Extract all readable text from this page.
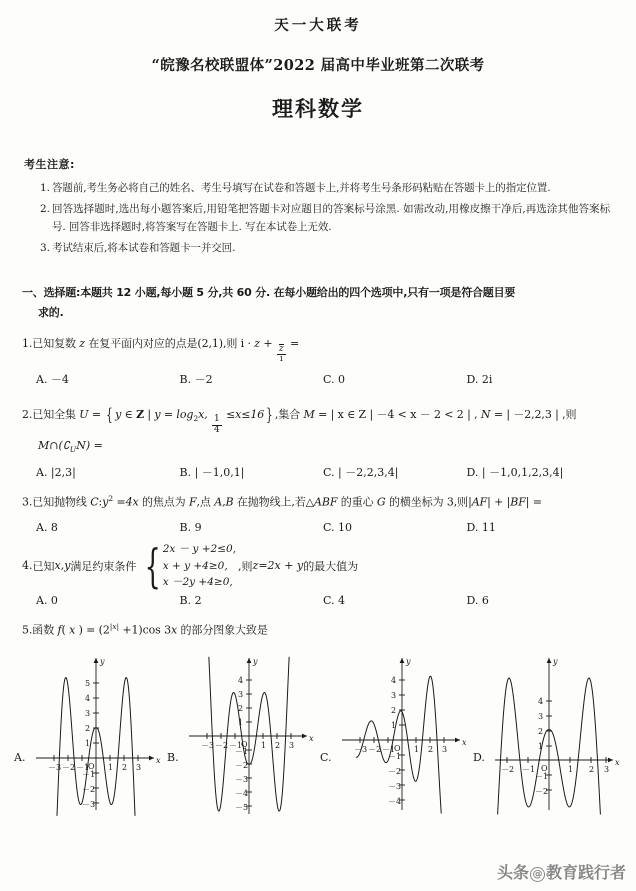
天一大联考
“皖豫名校联盟体”2022 届高中毕业班第二次联考
理科数学
考生注意:
1. 答题前,考生务必将自己的姓名、考生号填写在试卷和答题卡上,并将考生号条形码粘贴在答题卡上的指定位置.
2. 回答选择题时,选出每小题答案后,用铅笔把答题卡对应题目的答案标号涂黑. 如需改动,用橡皮擦干净后,再选涂其他答案标号. 回答非选择题时,将答案写在答题卡上. 写在本试卷上无效.
3. 考试结束后,将本试卷和答题卡一并交回.
一、选择题:本题共 12 小题,每小题 5 分,共 60 分. 在每小题给出的四个选项中,只有一项是符合题目要
求的.
1.已知复数 z 在复平面内对应的点是(2,1),则 i · z +
$\frac{z}{i}$
=
A. －4	B. －2	C. 0	D. 2i
2.已知全集 U = { y ∈ Z | $y = \log_2x$,
$\frac{1}{4}$
≤x≤16 } ,集合 M = | x ∈ Z | －4 < x － 2 < 2 | , N = | －2,2,3 | ,则
$M\cap(∁_UN)$ =
A. |2,3|	B. | －1,0,1|	C. | －2,2,3,4|	D. | －1,0,1,2,3,4|
3.已知抛物线 $C:y^2 =4x$ 的焦点为 F,点 A,B 在抛物线上,若△ABF 的重心 G 的横坐标为 3,则|AF| + |BF| =
A. 8	B. 9	C. 10	D. 11
4. 已知 x,y 满足约束条件 { 2x － y +2≤0,
x + y +4≥0,
x －2y +4≥0,
,则 z =2x + y 的最大值为
A. 0	B. 2	C. 4	D. 6
5.函数 f( x ) = $(2^{|x|} +1)\cos$ 3x 的部分图象大致是
A.	x
y
O
－3 －2 －1 1 2 3
1
2
3
4
5
－1
－2
－3
B.
x
y
O
－3 －2 －1 1 2 3
1
2
3
4
－1
－2
－3
－4
－5
C.
x
y
O
－3 －2 －1 1 2 3
1
2
3
4
－1
－2
－3
－4
D.	x
y
O
－2 －1	1 2 3
1
2
3
4
－1
－2
头条 @ 教育践行者
